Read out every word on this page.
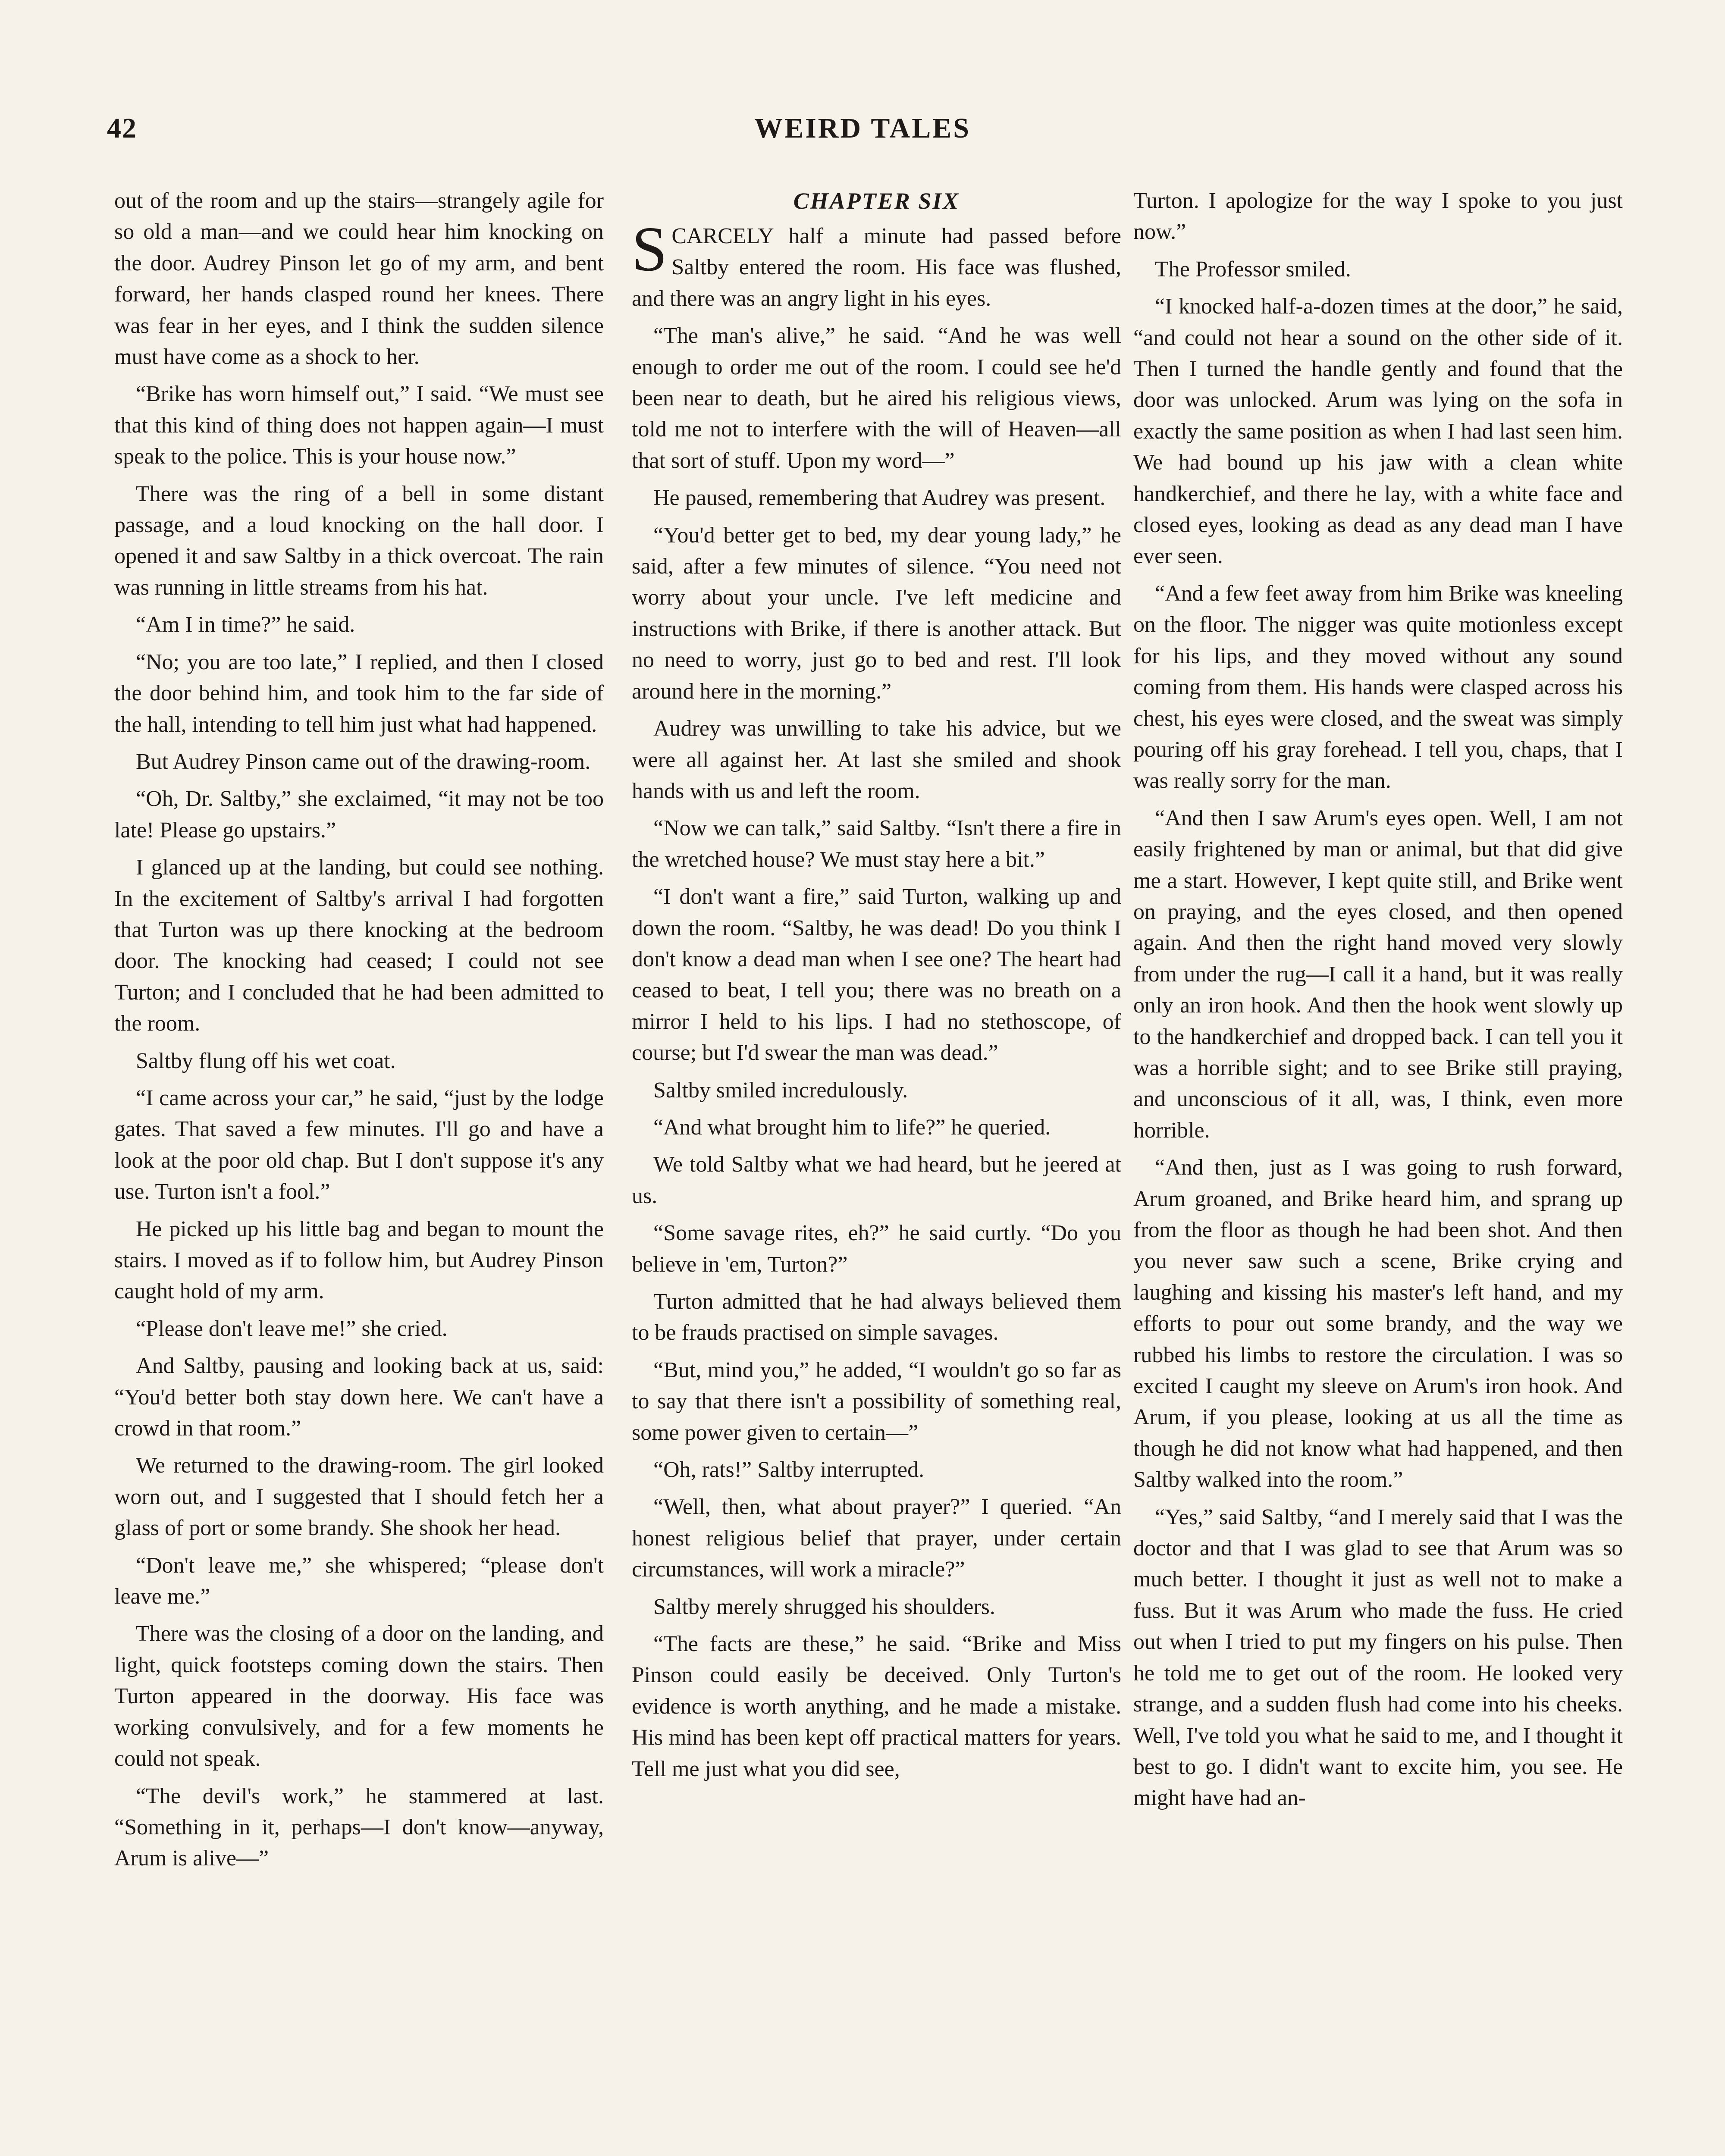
42	WEIRD TALES

out of the room and up the stairs—strangely agile for so old a man—and we could hear him knocking on the door. Audrey Pinson let go of my arm, and bent forward, her hands clasped round her knees. There was fear in her eyes, and I think the sudden silence must have come as a shock to her.

“Brike has worn himself out,” I said. “We must see that this kind of thing does not happen again—I must speak to the police. This is your house now.”

There was the ring of a bell in some distant passage, and a loud knocking on the hall door. I opened it and saw Saltby in a thick overcoat. The rain was running in little streams from his hat.

“Am I in time?” he said.

“No; you are too late,” I replied, and then I closed the door behind him, and took him to the far side of the hall, intending to tell him just what had happened.

But Audrey Pinson came out of the drawing-room.

“Oh, Dr. Saltby,” she exclaimed, “it may not be too late! Please go upstairs.”

I glanced up at the landing, but could see nothing. In the excitement of Saltby's arrival I had forgotten that Turton was up there knocking at the bedroom door. The knocking had ceased; I could not see Turton; and I concluded that he had been admitted to the room.

Saltby flung off his wet coat.

“I came across your car,” he said, “just by the lodge gates. That saved a few minutes. I'll go and have a look at the poor old chap. But I don't suppose it's any use. Turton isn't a fool.”

He picked up his little bag and began to mount the stairs. I moved as if to follow him, but Audrey Pinson caught hold of my arm.

“Please don't leave me!” she cried.

And Saltby, pausing and looking back at us, said: “You'd better both stay down here. We can't have a crowd in that room.”

We returned to the drawing-room. The girl looked worn out, and I suggested that I should fetch her a glass of port or some brandy. She shook her head.

“Don't leave me,” she whispered; “please don't leave me.”

There was the closing of a door on the landing, and light, quick footsteps coming down the stairs. Then Turton appeared in the doorway. His face was working convulsively, and for a few moments he could not speak.

“The devil's work,” he stammered at last. “Something in it, perhaps—I don't know—anyway, Arum is alive—”

CHAPTER SIX

SCARCELY half a minute had passed before Saltby entered the room. His face was flushed, and there was an angry light in his eyes.

“The man's alive,” he said. “And he was well enough to order me out of the room. I could see he'd been near to death, but he aired his religious views, told me not to interfere with the will of Heaven—all that sort of stuff. Upon my word—”

He paused, remembering that Audrey was present.

“You'd better get to bed, my dear young lady,” he said, after a few minutes of silence. “You need not worry about your uncle. I've left medicine and instructions with Brike, if there is another attack. But no need to worry, just go to bed and rest. I'll look around here in the morning.”

Audrey was unwilling to take his advice, but we were all against her. At last she smiled and shook hands with us and left the room.

“Now we can talk,” said Saltby. “Isn't there a fire in the wretched house? We must stay here a bit.”

“I don't want a fire,” said Turton, walking up and down the room. “Saltby, he was dead! Do you think I don't know a dead man when I see one? The heart had ceased to beat, I tell you; there was no breath on a mirror I held to his lips. I had no stethoscope, of course; but I'd swear the man was dead.”

Saltby smiled incredulously.

“And what brought him to life?” he queried.

We told Saltby what we had heard, but he jeered at us.

“Some savage rites, eh?” he said curtly. “Do you believe in 'em, Turton?”

Turton admitted that he had always believed them to be frauds practised on simple savages.

“But, mind you,” he added, “I wouldn't go so far as to say that there isn't a possibility of something real, some power given to certain—”

“Oh, rats!” Saltby interrupted.

“Well, then, what about prayer?” I queried. “An honest religious belief that prayer, under certain circumstances, will work a miracle?”

Saltby merely shrugged his shoulders.

“The facts are these,” he said. “Brike and Miss Pinson could easily be deceived. Only Turton's evidence is worth anything, and he made a mistake. His mind has been kept off practical matters for years. Tell me just what you did see,

Turton. I apologize for the way I spoke to you just now.”

The Professor smiled.

“I knocked half-a-dozen times at the door,” he said, “and could not hear a sound on the other side of it. Then I turned the handle gently and found that the door was unlocked. Arum was lying on the sofa in exactly the same position as when I had last seen him. We had bound up his jaw with a clean white handkerchief, and there he lay, with a white face and closed eyes, looking as dead as any dead man I have ever seen.

“And a few feet away from him Brike was kneeling on the floor. The nigger was quite motionless except for his lips, and they moved without any sound coming from them. His hands were clasped across his chest, his eyes were closed, and the sweat was simply pouring off his gray forehead. I tell you, chaps, that I was really sorry for the man.

“And then I saw Arum's eyes open. Well, I am not easily frightened by man or animal, but that did give me a start. However, I kept quite still, and Brike went on praying, and the eyes closed, and then opened again. And then the right hand moved very slowly from under the rug—I call it a hand, but it was really only an iron hook. And then the hook went slowly up to the handkerchief and dropped back. I can tell you it was a horrible sight; and to see Brike still praying, and unconscious of it all, was, I think, even more horrible.

“And then, just as I was going to rush forward, Arum groaned, and Brike heard him, and sprang up from the floor as though he had been shot. And then you never saw such a scene, Brike crying and laughing and kissing his master's left hand, and my efforts to pour out some brandy, and the way we rubbed his limbs to restore the circulation. I was so excited I caught my sleeve on Arum's iron hook. And Arum, if you please, looking at us all the time as though he did not know what had happened, and then Saltby walked into the room.”

“Yes,” said Saltby, “and I merely said that I was the doctor and that I was glad to see that Arum was so much better. I thought it just as well not to make a fuss. But it was Arum who made the fuss. He cried out when I tried to put my fingers on his pulse. Then he told me to get out of the room. He looked very strange, and a sudden flush had come into his cheeks. Well, I've told you what he said to me, and I thought it best to go. I didn't want to excite him, you see. He might have had an-
